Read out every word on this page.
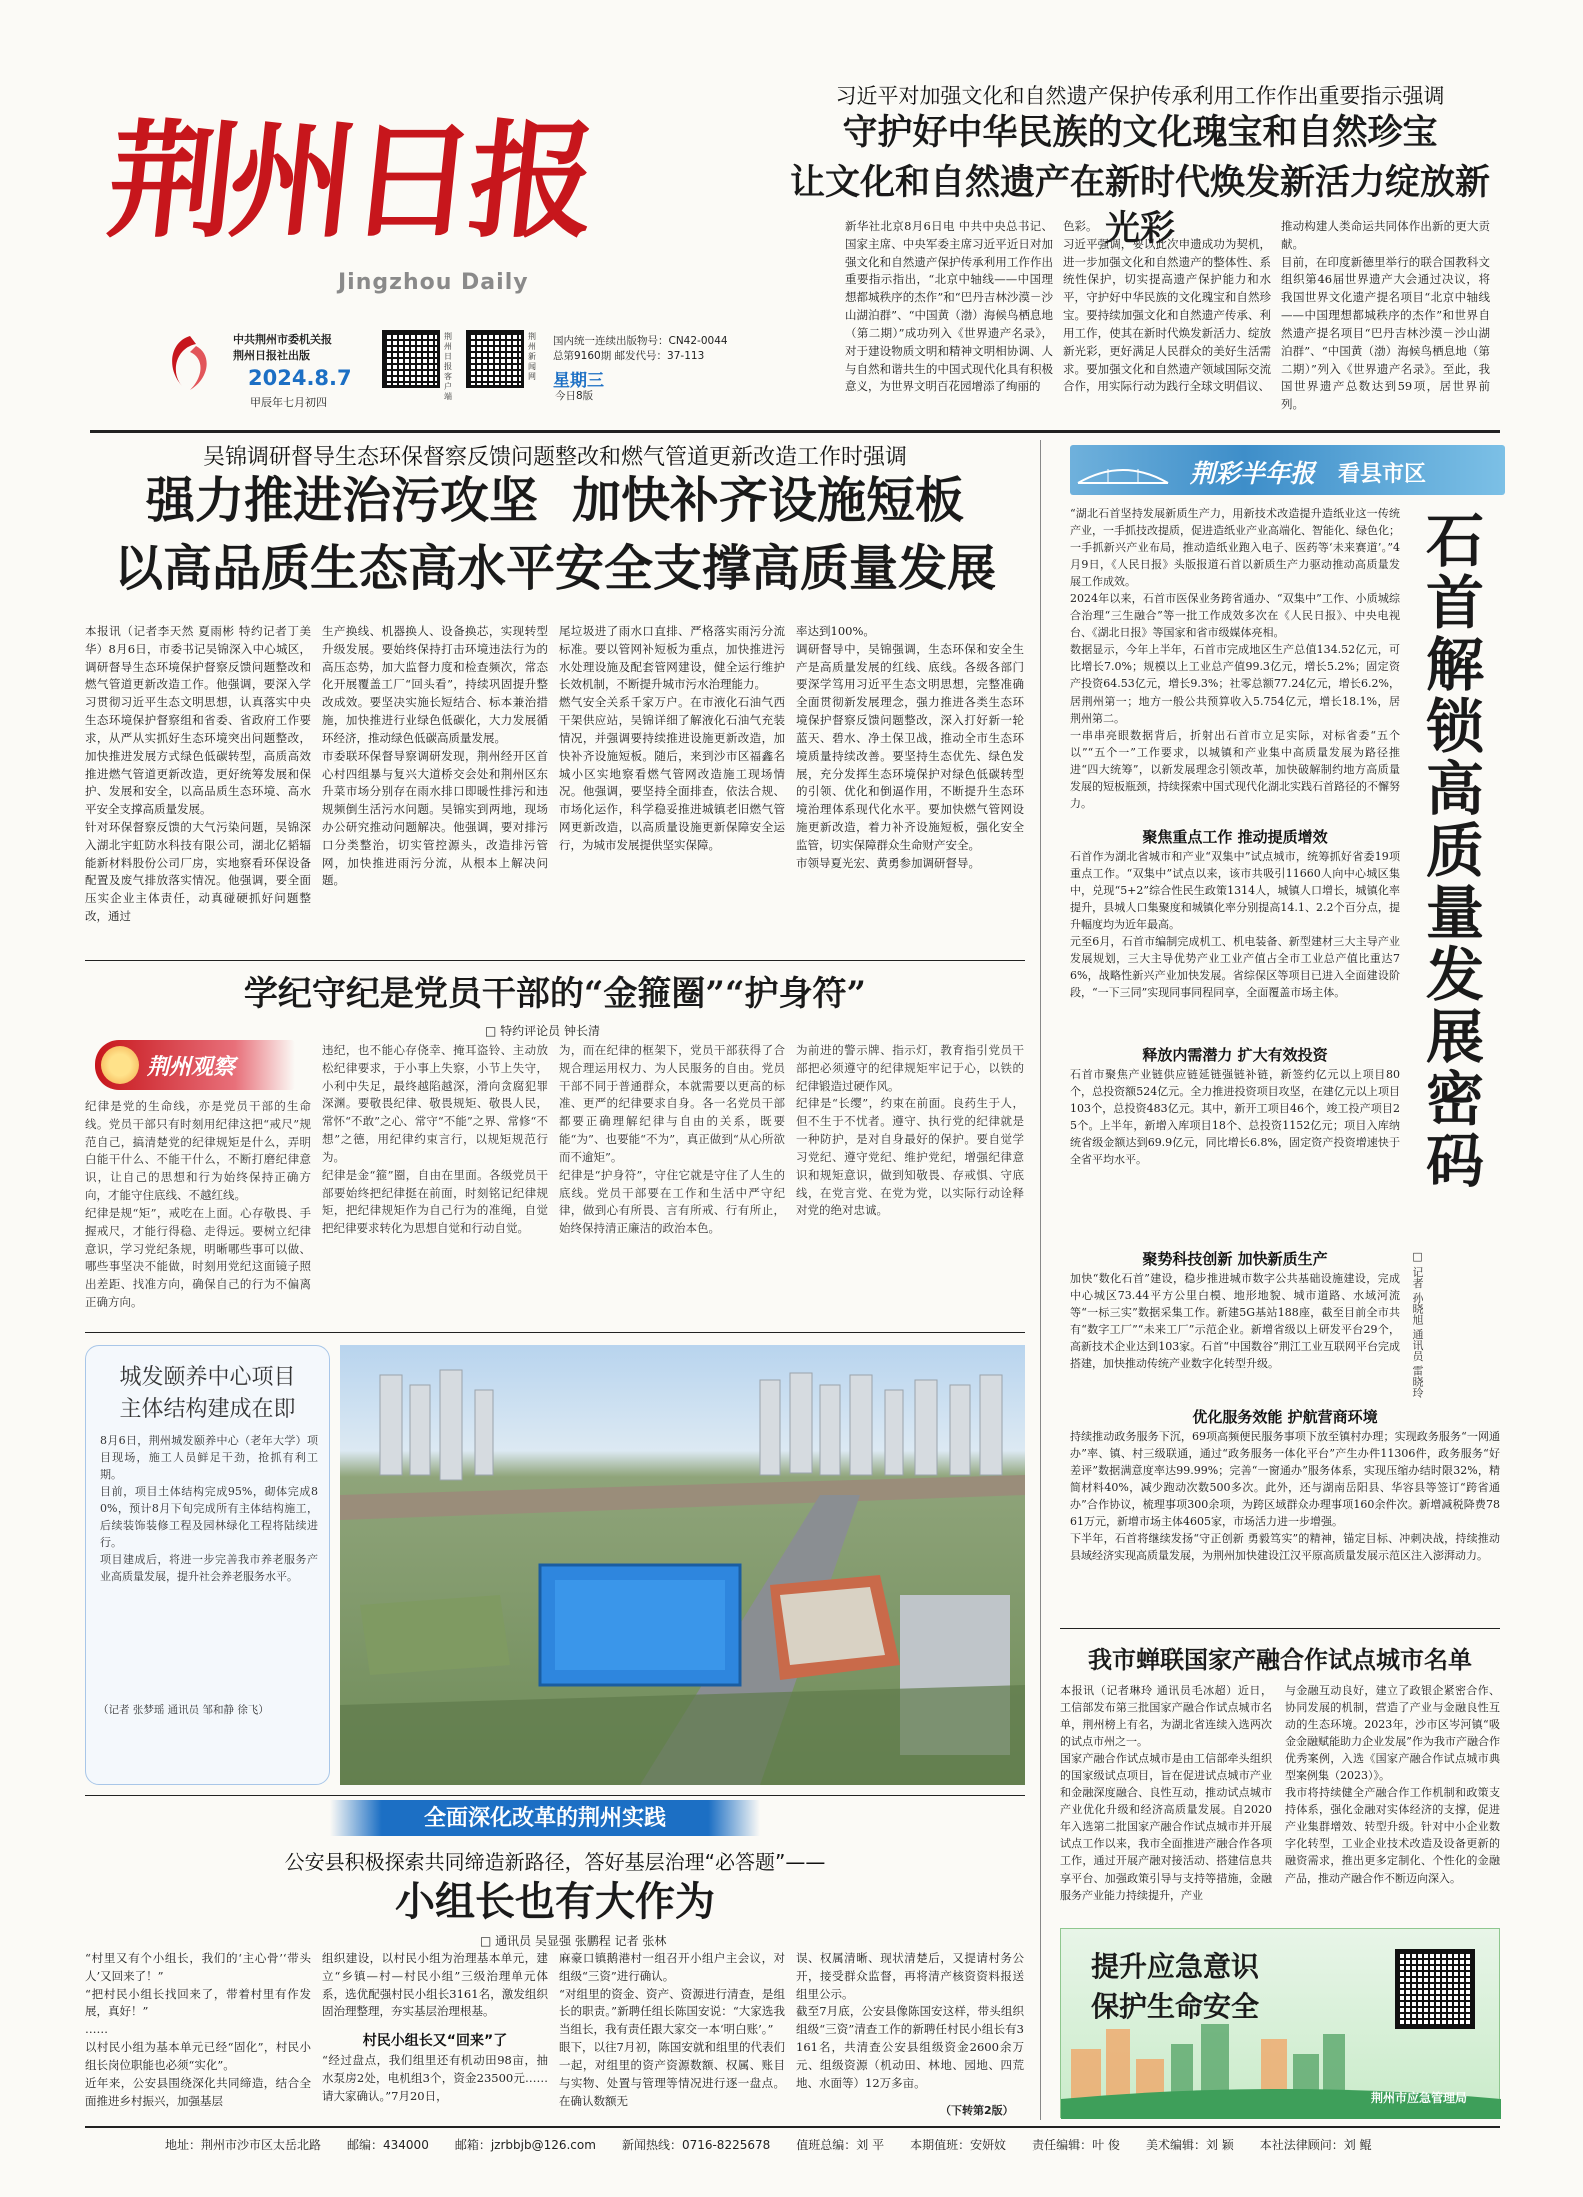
荆州日报
Jingzhou Daily
中共荆州市委机关报
荆州日报社出版
2024.8.7
甲辰年七月初四
荆州日报客户端
荆州新闻网
国内统一连续出版物号：CN42-0044
总第9160期 邮发代号：37-113
星期三
今日8版
习近平对加强文化和自然遗产保护传承利用工作作出重要指示强调
守护好中华民族的文化瑰宝和自然珍宝
让文化和自然遗产在新时代焕发新活力绽放新光彩
新华社北京8月6日电 中共中央总书记、国家主席、中央军委主席习近平近日对加强文化和自然遗产保护传承利用工作作出重要指示指出，“北京中轴线——中国理想都城秩序的杰作”和“巴丹吉林沙漠－沙山湖泊群”、“中国黄（渤）海候鸟栖息地（第二期）”成功列入《世界遗产名录》，对于建设物质文明和精神文明相协调、人与自然和谐共生的中国式现代化具有积极意义，为世界文明百花园增添了绚丽的
色彩。
习近平强调，要以此次申遗成功为契机，进一步加强文化和自然遗产的整体性、系统性保护，切实提高遗产保护能力和水平，守护好中华民族的文化瑰宝和自然珍宝。要持续加强文化和自然遗产传承、利用工作，使其在新时代焕发新活力、绽放新光彩，更好满足人民群众的美好生活需求。要加强文化和自然遗产领域国际交流合作，用实际行动为践行全球文明倡议、
推动构建人类命运共同体作出新的更大贡献。
目前，在印度新德里举行的联合国教科文组织第46届世界遗产大会通过决议，将我国世界文化遗产提名项目“北京中轴线——中国理想都城秩序的杰作”和世界自然遗产提名项目“巴丹吉林沙漠－沙山湖泊群”、“中国黄（渤）海候鸟栖息地（第二期）”列入《世界遗产名录》。至此，我国世界遗产总数达到59项，居世界前列。
吴锦调研督导生态环保督察反馈问题整改和燃气管道更新改造工作时强调
强力推进治污攻坚  加快补齐设施短板
以高品质生态高水平安全支撑高质量发展
本报讯（记者李天然 夏雨彬 特约记者丁美华）8月6日，市委书记吴锦深入中心城区，调研督导生态环境保护督察反馈问题整改和燃气管道更新改造工作。他强调，要深入学习贯彻习近平生态文明思想，认真落实中央生态环境保护督察组和省委、省政府工作要求，从严从实抓好生态环境突出问题整改，加快推进发展方式绿色低碳转型，高质高效推进燃气管道更新改造，更好统筹发展和保护、发展和安全，以高品质生态环境、高水平安全支撑高质量发展。
针对环保督察反馈的大气污染问题，吴锦深入湖北宇虹防水科技有限公司，湖北亿韬辐能新材料股份公司厂房，实地察看环保设备配置及废气排放落实情况。他强调，要全面压实企业主体责任，动真碰硬抓好问题整改，通过
生产换线、机器换人、设备换芯，实现转型升级发展。要始终保持打击环境违法行为的高压态势，加大监督力度和检查频次，常态化开展覆盖工厂“回头看”，持续巩固提升整改成效。要坚决实施长短结合、标本兼治措施，加快推进行业绿色低碳化，大力发展循环经济，推动绿色低碳高质量发展。
市委联环保督导察调研发现，荆州经开区首心村四组暴与复兴大道桥交会处和荆州区东升菜市场分别存在雨水排口即暖性排污和违规频倒生活污水问题。吴锦实到两地，现场办公研究推动问题解决。他强调，要对排污口分类整治，切实管控源头，改造排污管网，加快推进雨污分流，从根本上解决问题。
尾垃圾进了雨水口直排、严格落实雨污分流标准。要以管网补短板为重点，加快推进污水处理设施及配套管网建设，健全运行维护长效机制，不断提升城市污水治理能力。
燃气安全关系千家万户。在市液化石油气西干架供应站，吴锦详细了解液化石油气充装情况，并强调要持续推进设施更新改造，加快补齐设施短板。随后，来到沙市区福鑫名城小区实地察看燃气管网改造施工现场情况。他强调，要坚持全面排查，依法合规、市场化运作，科学稳妥推进城镇老旧燃气管网更新改造，以高质量设施更新保障安全运行，为城市发展提供坚实保障。
率达到100%。
调研督导中，吴锦强调，生态环保和安全生产是高质量发展的红线、底线。各级各部门要深学笃用习近平生态文明思想，完整准确全面贯彻新发展理念，强力推进各类生态环境保护督察反馈问题整改，深入打好新一轮蓝天、碧水、净土保卫战，推动全市生态环境质量持续改善。要坚持生态优先、绿色发展，充分发挥生态环境保护对绿色低碳转型的引领、优化和倒逼作用，不断提升生态环境治理体系现代化水平。要加快燃气管网设施更新改造，着力补齐设施短板，强化安全监管，切实保障群众生命财产安全。
市领导夏光宏、黄勇参加调研督导。
学纪守纪是党员干部的“金箍圈”“护身符”
□ 特约评论员 钟长清
荆州观察
纪律是党的生命线，亦是党员干部的生命线。党员干部只有时刻用纪律这把“戒尺”规范自己，搞清楚党的纪律规矩是什么，弄明白能干什么、不能干什么，不断打磨纪律意识，让自己的思想和行为始终保持正确方向，才能守住底线、不越红线。
纪律是规“矩”，戒吃在上面。心存敬畏、手握戒尺，才能行得稳、走得远。要树立纪律意识，学习党纪条规，明晰哪些事可以做、哪些事坚决不能做，时刻用党纪这面镜子照出差距、找准方向，确保自己的行为不偏离正确方向。
违纪，也不能心存侥幸、掩耳盗铃、主动放松纪律要求，于小事上失察，小节上失守，小利中失足，最终越陷越深，滑向贪腐犯罪深渊。要敬畏纪律、敬畏规矩、敬畏人民，常怀“不敢”之心、常守“不能”之界、常修“不想”之德，用纪律约束言行，以规矩规范行为。
纪律是金“箍”圈，自由在里面。各级党员干部要始终把纪律挺在前面，时刻铭记纪律规矩，把纪律规矩作为自己行为的准绳，自觉把纪律要求转化为思想自觉和行动自觉。
为，而在纪律的框架下，党员干部获得了合规合理运用权力、为人民服务的自由。党员干部不同于普通群众，本就需要以更高的标准、更严的纪律要求自身。各一名党员干部都要正确理解纪律与自由的关系，既要能“为”、也要能“不为”，真正做到“从心所欲而不逾矩”。
纪律是“护身符”，守住它就是守住了人生的底线。党员干部要在工作和生活中严守纪律，做到心有所畏、言有所戒、行有所止，始终保持清正廉洁的政治本色。
为前进的警示牌、指示灯，教育指引党员干部把必须遵守的纪律规矩牢记于心，以铁的纪律锻造过硬作风。
纪律是“长缨”，约束在前面。良药生于人，但不生于不忧者。遵守、执行党的纪律就是一种防护，是对自身最好的保护。要自觉学习党纪、遵守党纪、维护党纪，增强纪律意识和规矩意识，做到知敬畏、存戒惧、守底线，在党言党、在党为党，以实际行动诠释对党的绝对忠诚。
城发颐养中心项目
主体结构建成在即
8月6日，荆州城发颐养中心（老年大学）项目现场，施工人员鲜足干劲，抢抓有利工期。
目前，项目土体结构完成95%，砌体完成80%，预计8月下旬完成所有主体结构施工，后续装饰装修工程及园林绿化工程将陆续进行。
项目建成后，将进一步完善我市养老服务产业高质量发展，提升社会养老服务水平。
（记者 张梦瑶 通讯员 邹和静 徐飞）
全面深化改革的荆州实践
公安县积极探索共同缔造新路径，答好基层治理“必答题”——
小组长也有大作为
□ 通讯员 吴显强 张鹏程 记者 张林
“村里又有个小组长，我们的‘主心骨’‘带头人’又回来了！”
“把村民小组长找回来了，带着村里有作发展，真好！”
……
以村民小组为基本单元已经“固化”，村民小组长岗位职能也必须“实化”。
近年来，公安县围绕深化共同缔造，结合全面推进乡村振兴，加强基层
组织建设，以村民小组为治理基本单元，建立“乡镇—村—村民小组”三级治理单元体系，选优配强村民小组长3161名，激发组织固治理整理，夯实基层治理根基。
村民小组长又“回来”了
“经过盘点，我们组里还有机动田98亩，抽水泵房2处，电机组3个，资金23500元……请大家确认。”7月20日，
麻豪口镇鹅港村一组召开小组户主会议，对组级“三资”进行确认。
“对组里的资金、资产、资源进行清查，是组长的职责。”新聘任组长陈国安说：“大家选我当组长，我有责任跟大家交一本‘明白账’。”
眼下，以往7月初，陈国安就和组里的代表们一起，对组里的资产资源数额、权属、账目与实物、处置与管理等情况进行逐一盘点。在确认数额无
误、权属清晰、现状清楚后，又提请村务公开，接受群众监督，再将清产核资资料报送组里公示。
截至7月底，公安县像陈国安这样，带头组织组级“三资”清查工作的新聘任村民小组长有3161名，共清查公安县组级资金2600余万元、组级资源（机动田、林地、园地、四荒地、水面等）12万多亩。
（下转第2版）
荆彩半年报 看县市区
“湖北石首坚持发展新质生产力，用新技术改造提升造纸业这一传统产业，一手抓技改提质，促进造纸业产业高端化、智能化、绿色化；一手抓新兴产业布局，推动造纸业跑入电子、医药等‘未来赛道’。”4月9日，《人民日报》头版报道石首以新质生产力驱动推动高质量发展工作成效。
2024年以来，石首市医保业务跨省通办、“双集中”工作、小质城综合治理“三生融合”等一批工作成效多次在《人民日报》、中央电视台、《湖北日报》等国家和省市级媒体亮相。
数据显示，今年上半年，石首市完成地区生产总值134.52亿元，可比增长7.0%；规模以上工业总产值99.3亿元，增长5.2%；固定资产投资64.53亿元，增长9.3%；社零总额77.24亿元，增长6.2%，居荆州第一；地方一般公共预算收入5.754亿元，增长18.1%，居荆州第二。
一串串亮眼数据背后，折射出石首市立足实际，对标省委“五个以”“五个一”工作要求，以城镇和产业集中高质量发展为路径推进“四大统筹”，以新发展理念引领改革，加快破解制约地方高质量发展的短板瓶颈，持续探索中国式现代化湖北实践石首路径的不懈努力。
石首解锁高质量发展密码
□ 记者 孙晓旭 通讯员 雷晓玲
聚焦重点工作 推动提质增效
石首作为湖北省城市和产业“双集中”试点城市，统筹抓好省委19项重点工作。“双集中”试点以来，该市共吸引11660人向中心城区集中，兑现“5+2”综合性民生政策1314人，城镇人口增长，城镇化率提升，县城人口集聚度和城镇化率分别提高14.1、2.2个百分点，提升幅度均为近年最高。
元至6月，石首市编制完成机工、机电装备、新型建材三大主导产业发展规划，三大主导优势产业工业产值占全市工业总产值比重达76%，战略性新兴产业加快发展。省综保区等项目已进入全面建设阶段，“一下三同”实现同事同程同享，全面覆盖市场主体。
释放内需潜力 扩大有效投资
石首市聚焦产业链供应链延链强链补链，新签约亿元以上项目80个，总投资额524亿元。全力推进投资项目攻坚，在建亿元以上项目103个，总投资483亿元。其中，新开工项目46个，竣工投产项目25个。上半年，新增入库项目18个、总投资1152亿元；项目入库纳统省级金额达到69.9亿元，同比增长6.8%，固定资产投资增速快于全省平均水平。
聚势科技创新 加快新质生产
加快“数化石首”建设，稳步推进城市数字公共基础设施建设，完成中心城区73.44平方公里白模、地形地貌、城市道路、水域河流等“一标三实”数据采集工作。新建5G基站188座，截至目前全市共有“数字工厂”“未来工厂”示范企业。新增省级以上研发平台29个，高新技术企业达到103家。石首“中国数谷”荆江工业互联网平台完成搭建，加快推动传统产业数字化转型升级。
优化服务效能 护航营商环境
持续推动政务服务下沉，69项高频便民服务事项下放至镇村办理；实现政务服务“一网通办”率、镇、村三级联通，通过“政务服务一体化平台”产生办件11306件，政务服务“好差评”数据满意度率达99.99%；完善“一窗通办”服务体系，实现压缩办结时限32%，精简材料40%，减少跑动次数500多次。此外，还与湖南岳阳县、华容县等签订“跨省通办”合作协议，梳理事项300余项，为跨区域群众办理事项160余件次。新增减税降费7861万元，新增市场主体4605家，市场活力进一步增强。
下半年，石首将继续发扬“守正创新 勇毅笃实”的精神，锚定目标、冲刺决战，持续推动县域经济实现高质量发展，为荆州加快建设江汉平原高质量发展示范区注入澎湃动力。
我市蝉联国家产融合作试点城市名单
本报讯（记者琳玲 通讯员毛冰超）近日，工信部发布第三批国家产融合作试点城市名单，荆州榜上有名，为湖北省连续入选两次的试点市州之一。
国家产融合作试点城市是由工信部牵头组织的国家级试点项目，旨在促进试点城市产业和金融深度融合、良性互动，推动试点城市产业优化升级和经济高质量发展。自2020年入选第二批国家产融合作试点城市并开展试点工作以来，我市全面推进产融合作各项工作，通过开展产融对接活动、搭建信息共享平台、加强政策引导与支持等措施，金融服务产业能力持续提升，产业
与金融互动良好，建立了政银企紧密合作、协同发展的机制，营造了产业与金融良性互动的生态环境。2023年，沙市区岑河镇“吸金金融赋能助力企业发展”作为我市产融合作优秀案例，入选《国家产融合作试点城市典型案例集（2023）》。
我市将持续健全产融合作工作机制和政策支持体系，强化金融对实体经济的支撑，促进产业集群增效、转型升级。针对中小企业数字化转型，工业企业技术改造及设备更新的融资需求，推出更多定制化、个性化的金融产品，推动产融合作不断迈向深入。
提升应急意识
保护生命安全
荆州市应急管理局
地址：荆州市沙市区太岳北路 邮编：434000 邮箱：jzrbbjb@126.com 新闻热线：0716-8225678 值班总编：刘 平 本期值班：安妍妏 责任编辑：叶 俊 美术编辑：刘 颖 本社法律顾问：刘 鲲
